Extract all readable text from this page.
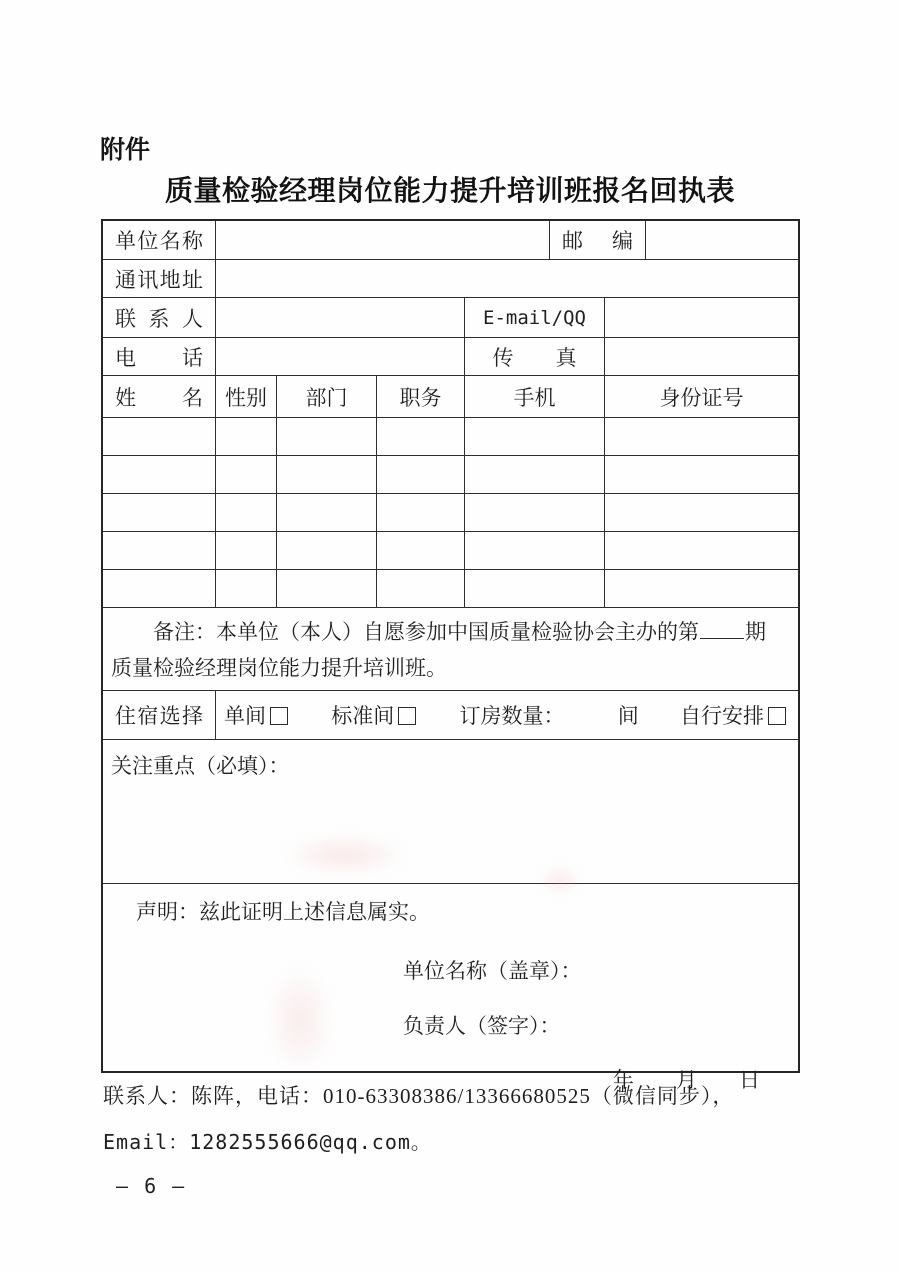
附件
质量检验经理岗位能力提升培训班报名回执表
单位名称	邮编
通讯地址
联系人	E-mail/QQ
电话	传　　真
姓名	性别 部门 职务	手机	身份证号
备注：本单位（本人）自愿参加中国质量检验协会主办的第 期
质量检验经理岗位能力提升培训班。
住宿选择	单间	标准间	订房数量：	间 自行安排
关注重点（必填）：
声明：兹此证明上述信息属实。
单位名称（盖章）：
负责人（签字）：
年　　月　　日
联系人：陈阵，电话：010-63308386/13366680525（微信同步），
Email：1282555666@qq.com。
— 6 —
